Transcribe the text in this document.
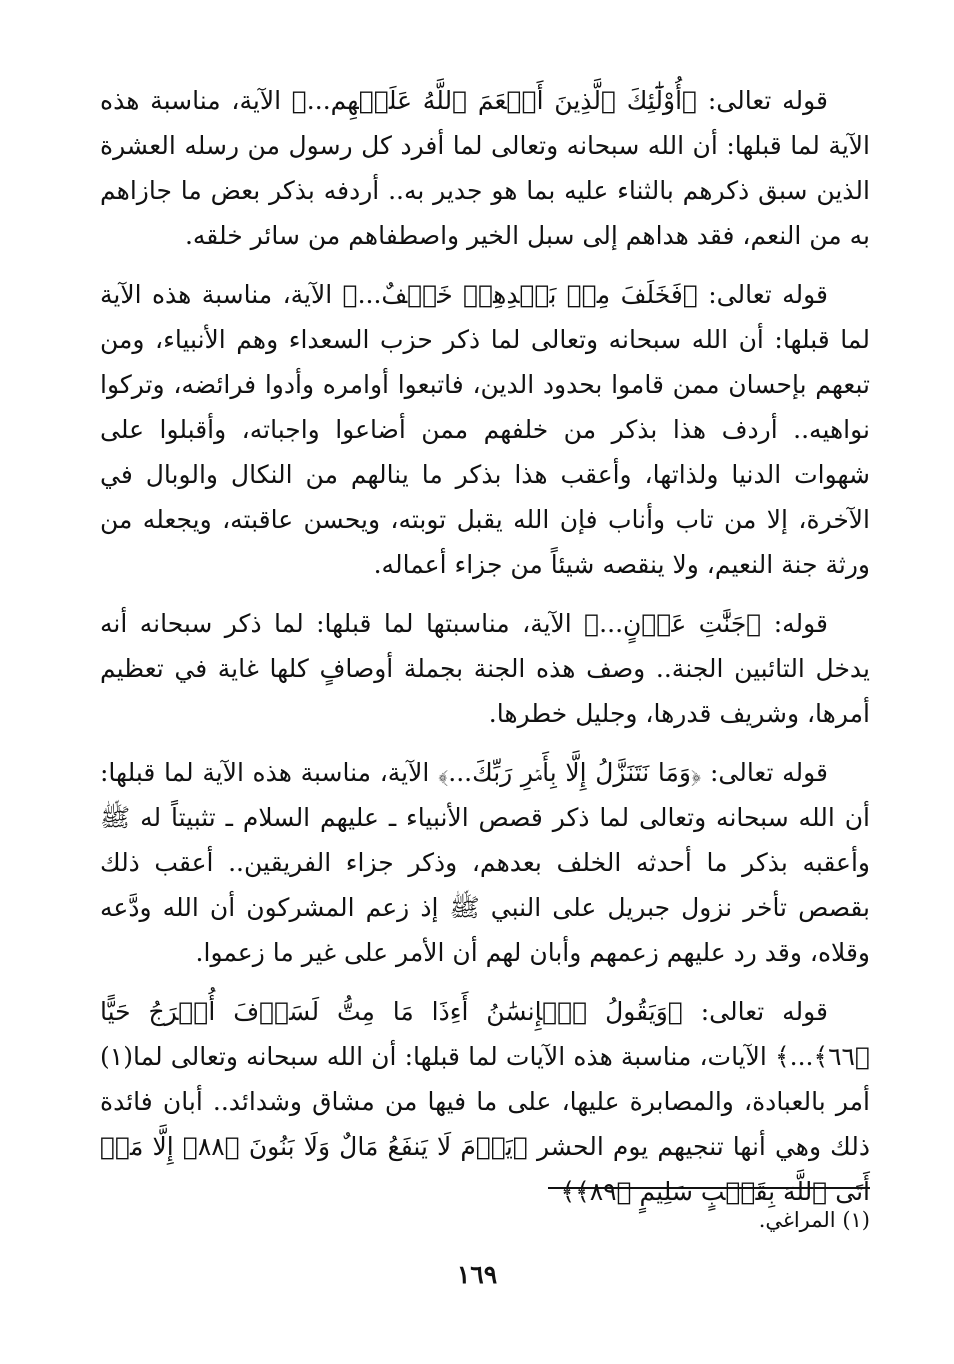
قوله تعالى: ﴿أُوْلَٰٓئِكَ ٱلَّذِينَ أَنۡعَمَ ٱللَّهُ عَلَيۡهِم...﴾ الآية، مناسبة هذه الآية لما قبلها: أن الله سبحانه وتعالى لما أفرد كل رسول من رسله العشرة الذين سبق ذكرهم بالثناء عليه بما هو جدير به.. أردفه بذكر بعض ما جازاهم به من النعم، فقد هداهم إلى سبل الخير واصطفاهم من سائر خلقه.

قوله تعالى: ﴿فَخَلَفَ مِنۢ بَعۡدِهِمۡ خَلۡفٌ...﴾ الآية، مناسبة هذه الآية لما قبلها: أن الله سبحانه وتعالى لما ذكر حزب السعداء وهم الأنبياء، ومن تبعهم بإحسان ممن قاموا بحدود الدين، فاتبعوا أوامره وأدوا فرائضه، وتركوا نواهيه.. أردف هذا بذكر من خلفهم ممن أضاعوا واجباته، وأقبلوا على شهوات الدنيا ولذاتها، وأعقب هذا بذكر ما ينالهم من النكال والوبال في الآخرة، إلا من تاب وأناب فإن الله يقبل توبته، ويحسن عاقبته، ويجعله من ورثة جنة النعيم، ولا ينقصه شيئاً من جزاء أعماله.

قوله: ﴿جَنَّٰتِ عَدۡنٍ...﴾ الآية، مناسبتها لما قبلها: لما ذكر سبحانه أنه يدخل التائبين الجنة.. وصف هذه الجنة بجملة أوصافٍ كلها غاية في تعظيم أمرها، وشريف قدرها، وجليل خطرها.

قوله تعالى: ﴿وَمَا نَتَنَزَّلُ إِلَّا بِأَمۡرِ رَبِّكَ...﴾ الآية، مناسبة هذه الآية لما قبلها: أن الله سبحانه وتعالى لما ذكر قصص الأنبياء ـ عليهم السلام ـ تثبيتاً له ﷺ وأعقبه بذكر ما أحدثه الخلف بعدهم، وذكر جزاء الفريقين.. أعقب ذلك بقصص تأخر نزول جبريل على النبي ﷺ إذ زعم المشركون أن الله ودَّعه وقلاه، وقد رد عليهم زعمهم وأبان لهم أن الأمر على غير ما زعموا.

قوله تعالى: ﴿وَيَقُولُ ٱلۡإِنسَٰنُ أَءِذَا مَا مِتُّ لَسَوۡفَ أُخۡرَجُ حَيًّا ﴿٦٦﴾...﴾ الآيات، مناسبة هذه الآيات لما قبلها: أن الله سبحانه وتعالى لما(١) أمر بالعبادة، والمصابرة عليها، على ما فيها من مشاق وشدائد.. أبان فائدة ذلك وهي أنها تنجيهم يوم الحشر ﴿يَوۡمَ لَا يَنفَعُ مَالٌ وَلَا بَنُونَ ﴿٨٨﴾ إِلَّا مَنۡ أَتَى ٱللَّهَ بِقَلۡبٍ سَلِيمٍ ﴿٨٩﴾﴾

(١) المراغي.
١٦٩
